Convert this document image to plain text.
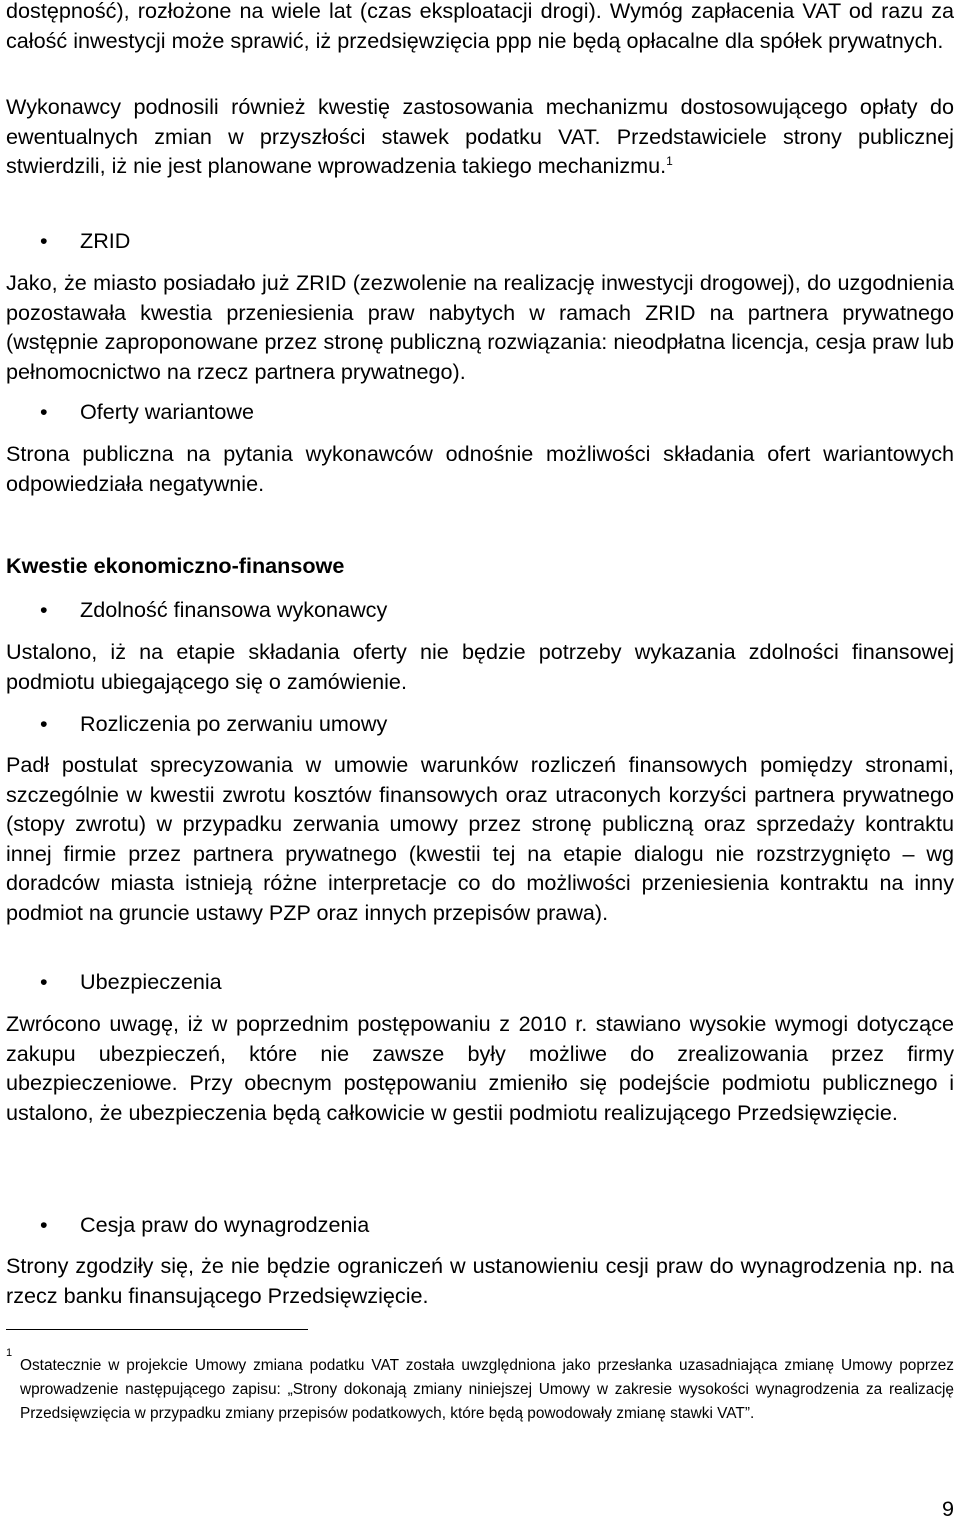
dostępność), rozłożone na wiele lat (czas eksploatacji drogi). Wymóg zapłacenia VAT od razu za całość inwestycji może sprawić, iż przedsięwzięcia ppp nie będą opłacalne dla spółek prywatnych.

Wykonawcy podnosili również kwestię zastosowania mechanizmu dostosowującego opłaty do ewentualnych zmian w przyszłości stawek podatku VAT. Przedstawiciele strony publicznej stwierdzili, iż nie jest planowane wprowadzenia takiego mechanizmu.$^1$

• ZRID

Jako, że miasto posiadało już ZRID (zezwolenie na realizację inwestycji drogowej), do uzgodnienia pozostawała kwestia przeniesienia praw nabytych w ramach ZRID na partnera prywatnego (wstępnie zaproponowane przez stronę publiczną rozwiązania: nieodpłatna licencja, cesja praw lub pełnomocnictwo na rzecz partnera prywatnego).

• Oferty wariantowe

Strona publiczna na pytania wykonawców odnośnie możliwości składania ofert wariantowych odpowiedziała negatywnie.

Kwestie ekonomiczno-finansowe
• Zdolność finansowa wykonawcy

Ustalono, iż na etapie składania oferty nie będzie potrzeby wykazania zdolności finansowej podmiotu ubiegającego się o zamówienie.

• Rozliczenia po zerwaniu umowy

Padł postulat sprecyzowania w umowie warunków rozliczeń finansowych pomiędzy stronami, szczególnie w kwestii zwrotu kosztów finansowych oraz utraconych korzyści partnera prywatnego (stopy zwrotu) w przypadku zerwania umowy przez stronę publiczną oraz sprzedaży kontraktu innej firmie przez partnera prywatnego (kwestii tej na etapie dialogu nie rozstrzygnięto – wg doradców miasta istnieją różne interpretacje co do możliwości przeniesienia kontraktu na inny podmiot na gruncie ustawy PZP oraz innych przepisów prawa).

• Ubezpieczenia

Zwrócono uwagę, iż w poprzednim postępowaniu z 2010 r. stawiano wysokie wymogi dotyczące zakupu ubezpieczeń, które nie zawsze były możliwe do zrealizowania przez firmy ubezpieczeniowe. Przy obecnym postępowaniu zmieniło się podejście podmiotu publicznego i ustalono, że ubezpieczenia będą całkowicie w gestii podmiotu realizującego Przedsięwzięcie.

• Cesja praw do wynagrodzenia

Strony zgodziły się, że nie będzie ograniczeń w ustanowieniu cesji praw do wynagrodzenia np. na rzecz banku finansującego Przedsięwzięcie.

1
Ostatecznie w projekcie Umowy zmiana podatku VAT została uwzględniona jako przesłanka uzasadniająca zmianę Umowy poprzez wprowadzenie następującego zapisu: „Strony dokonają zmiany niniejszej Umowy w zakresie wysokości wynagrodzenia za realizację Przedsięwzięcia w przypadku zmiany przepisów podatkowych, które będą powodowały zmianę stawki VAT”.

9
